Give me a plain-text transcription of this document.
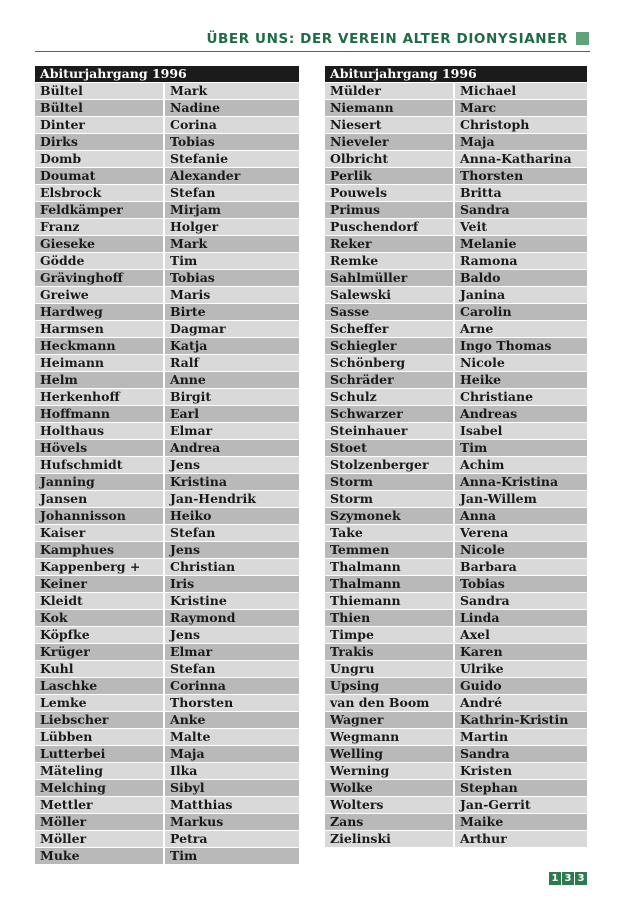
ÜBER UNS: DER VEREIN ALTER DIONYSIANER
Abiturjahrgang 1996	
Bültel	Mark
Bültel	Nadine
Dinter	Corina
Dirks	Tobias
Domb	Stefanie
Doumat	Alexander
Elsbrock	Stefan
Feldkämper	Mirjam
Franz	Holger
Gieseke	Mark
Gödde	Tim
Grävinghoff	Tobias
Greiwe	Maris
Hardweg	Birte
Harmsen	Dagmar
Heckmann	Katja
Heimann	Ralf
Helm	Anne
Herkenhoff	Birgit
Hoffmann	Earl
Holthaus	Elmar
Hövels	Andrea
Hufschmidt	Jens
Janning	Kristina
Jansen	Jan-Hendrik
Johannisson	Heiko
Kaiser	Stefan
Kamphues	Jens
Kappenberg +	Christian
Keiner	Iris
Kleidt	Kristine
Kok	Raymond
Köpfke	Jens
Krüger	Elmar
Kuhl	Stefan
Laschke	Corinna
Lemke	Thorsten
Liebscher	Anke
Lübben	Malte
Lutterbei	Maja
Mäteling	Ilka
Melching	Sibyl
Mettler	Matthias
Möller	Markus
Möller	Petra
Muke	Tim
Abiturjahrgang 1996	
Mülder	Michael
Niemann	Marc
Niesert	Christoph
Nieveler	Maja
Olbricht	Anna-Katharina
Perlik	Thorsten
Pouwels	Britta
Primus	Sandra
Puschendorf	Veit
Reker	Melanie
Remke	Ramona
Sahlmüller	Baldo
Salewski	Janina
Sasse	Carolin
Scheffer	Arne
Schiegler	Ingo Thomas
Schönberg	Nicole
Schräder	Heike
Schulz	Christiane
Schwarzer	Andreas
Steinhauer	Isabel
Stoet	Tim
Stolzenberger	Achim
Storm	Anna-Kristina
Storm	Jan-Willem
Szymonek	Anna
Take	Verena
Temmen	Nicole
Thalmann	Barbara
Thalmann	Tobias
Thiemann	Sandra
Thien	Linda
Timpe	Axel
Trakis	Karen
Ungru	Ulrike
Upsing	Guido
van den Boom	André
Wagner	Kathrin-Kristin
Wegmann	Martin
Welling	Sandra
Werning	Kristen
Wolke	Stephan
Wolters	Jan-Gerrit
Zans	Maike
Zielinski	Arthur
1 3 3
